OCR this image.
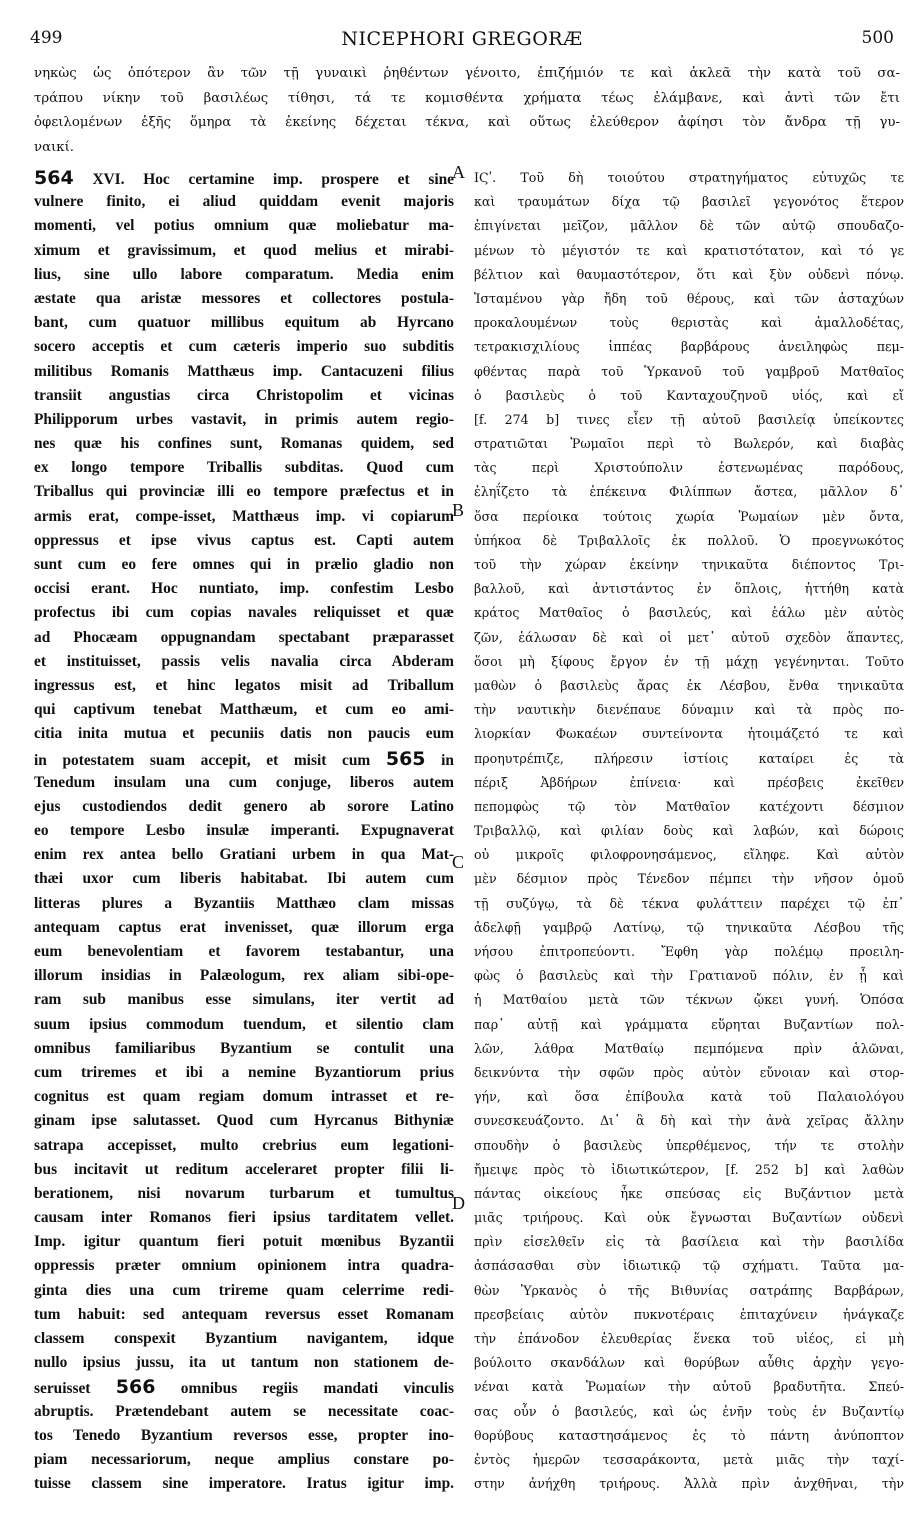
499	NICEPHORI GREGORÆ	500
νηκὼς ὡς ὁπότερον ἂν τῶν τῇ γυναικὶ ῥηθέντων γένοιτο, ἐπιζήμιόν τε καὶ ἀκλεᾶ τὴν κατὰ τοῦ σα-
τράπου νίκην τοῦ βασιλέως τίθησι, τά τε κομισθέντα χρήματα τέως ἐλάμβανε, καὶ ἀντὶ τῶν ἔτι
ὀφειλομένων ἐξῆς ὅμηρα τὰ ἐκείνης δέχεται τέκνα, καὶ οὕτως ἐλεύθερον ἀφίησι τὸν ἄνδρα τῇ γυ-
ναικί.
A
B
C
D
564 XVI. Hoc certamine imp. prospere et sine
vulnere finito, ei aliud quiddam evenit majoris
momenti, vel potius omnium quæ moliebatur ma-
ximum et gravissimum, et quod melius et mirabi-
lius, sine ullo labore comparatum. Media enim
æstate qua aristæ messores et collectores postula-
bant, cum quatuor millibus equitum ab Hyrcano
socero acceptis et cum cæteris imperio suo subditis
militibus Romanis Matthæus imp. Cantacuzeni filius
transiit angustias circa Christopolim et vicinas
Philipporum urbes vastavit, in primis autem regio-
nes quæ his confines sunt, Romanas quidem, sed
ex longo tempore Triballis subditas. Quod cum
Triballus qui provinciæ illi eo tempore præfectus et in
armis erat, compe‑isset, Matthæus imp. vi copiarum
oppressus et ipse vivus captus est. Capti autem
sunt cum eo fere omnes qui in prælio gladio non
occisi erant. Hoc nuntiato, imp. confestim Lesbo
profectus ibi cum copias navales reliquisset et quæ
ad Phocæam oppugnandam spectabant præparasset
et instituisset, passis velis navalia circa Abderam
ingressus est, et hinc legatos misit ad Triballum
qui captivum tenebat Matthæum, et cum eo ami-
citia inita mutua et pecuniis datis non paucis eum
in potestatem suam accepit, et misit cum 565 in
Tenedum insulam una cum conjuge, liberos autem
ejus custodiendos dedit genero ab sorore Latino
eo tempore Lesbo insulæ imperanti. Expugnaverat
enim rex antea bello Gratiani urbem in qua Mat-
thæi uxor cum liberis habitabat. Ibi autem cum
litteras plures a Byzantiis Matthæo clam missas
antequam captus erat invenisset, quæ illorum erga
eum benevolentiam et favorem testabantur, una
illorum insidias in Palæologum, rex aliam sibi-ope-
ram sub manibus esse simulans, iter vertit ad
suum ipsius commodum tuendum, et silentio clam
omnibus familiaribus Byzantium se contulit una
cum triremes et ibi a nemine Byzantiorum prius
cognitus est quam regiam domum intrasset et re-
ginam ipse salutasset. Quod cum Hyrcanus Bithyniæ
satrapa accepisset, multo crebrius eum legationi-
bus incitavit ut reditum acceleraret propter filii li-
berationem, nisi novarum turbarum et tumultus
causam inter Romanos fieri ipsius tarditatem vellet.
Imp. igitur quantum fieri potuit mœnibus Byzantii
oppressis præter omnium opinionem intra quadra-
ginta dies una cum trireme quam celerrime redi-
tum habuit: sed antequam reversus esset Romanam
classem conspexit Byzantium navigantem, idque
nullo ipsius jussu, ita ut tantum non stationem de-
seruisset 566 omnibus regiis mandati vinculis
abruptis. Prætendebant autem se necessitate coac-
tos Tenedo Byzantium reversos esse, propter ino-
piam necessariorum, neque amplius constare po-
tuisse classem sine imperatore. Iratus igitur imp.
ΙϚʹ. Τοῦ δὴ τοιούτου στρατηγήματος εὐτυχῶς τε
καὶ τραυμάτων δίχα τῷ βασιλεῖ γεγονότος ἕτερον
ἐπιγίνεται μεῖζον, μᾶλλον δὲ τῶν αὐτῷ σπουδαζο-
μένων τὸ μέγιστόν τε καὶ κρατιστότατον, καὶ τό γε
βέλτιον καὶ θαυμαστότερον, ὅτι καὶ ξὺν οὐδενὶ πόνῳ.
Ἱσταμένου γὰρ ἤδη τοῦ θέρους, καὶ τῶν ἀσταχύων
προκαλουμένων τοὺς θεριστὰς καὶ ἀμαλλοδέτας,
τετρακισχιλίους ἱππέας βαρβάρους ἀνειληφὼς πεμ-
φθέντας παρὰ τοῦ Ὑρκανοῦ τοῦ γαμβροῦ Ματθαῖος
ὁ βασιλεὺς ὁ τοῦ Κανταχουζηνοῦ υἱός, καὶ εἴ
[f. 274 b] τινες εἶεν τῇ αὐτοῦ βασιλείᾳ ὑπείκοντες
στρατιῶται Ῥωμαῖοι περὶ τὸ Βωλερόν, καὶ διαβὰς
τὰς περὶ Χριστούπολιν ἐστενωμένας παρόδους,
ἐληΐζετο τὰ ἐπέκεινα Φιλίππων ἄστεα, μᾶλλον δ᾽
ὅσα περίοικα τούτοις χωρία Ῥωμαίων μὲν ὄντα,
ὑπήκοα δὲ Τριβαλλοῖς ἐκ πολλοῦ. Ὁ προεγνωκότος
τοῦ τὴν χώραν ἐκείνην τηνικαῦτα διέποντος Τρι-
βαλλοῦ, καὶ ἀντιστάντος ἐν ὅπλοις, ἡττήθη κατὰ
κράτος Ματθαῖος ὁ βασιλεύς, καὶ ἑάλω μὲν αὐτὸς
ζῶν, ἑάλωσαν δὲ καὶ οἱ μετ᾽ αὐτοῦ σχεδὸν ἅπαντες,
ὅσοι μὴ ξίφους ἔργον ἐν τῇ μάχῃ γεγένηνται. Τοῦτο
μαθὼν ὁ βασιλεὺς ἄρας ἐκ Λέσβου, ἔνθα τηνικαῦτα
τὴν ναυτικὴν διενέπαυε δύναμιν καὶ τὰ πρὸς πο-
λιορκίαν Φωκαέων συντείνοντα ἡτοιμάζετό τε καὶ
προηυτρέπιζε, πλήρεσιν ἱστίοις καταίρει ἐς τὰ
πέριξ Ἀβδήρων ἐπίνεια· καὶ πρέσβεις ἐκεῖθεν
πεπομφὼς τῷ τὸν Ματθαῖον κατέχοντι δέσμιον
Τριβαλλῷ, καὶ φιλίαν δοὺς καὶ λαβών, καὶ δώροις
οὐ μικροῖς φιλοφρονησάμενος, εἴληφε. Καὶ αὐτὸν
μὲν δέσμιον πρὸς Τένεδον πέμπει τὴν νῆσον ὁμοῦ
τῇ συζύγῳ, τὰ δὲ τέκνα φυλάττειν παρέχει τῷ ἐπ᾽
ἀδελφῇ γαμβρῷ Λατίνῳ, τῷ τηνικαῦτα Λέσβου τῆς
νήσου ἐπιτροπεύοντι. Ἔφθη γὰρ πολέμῳ προειλη-
φὼς ὁ βασιλεὺς καὶ τὴν Γρατιανοῦ πόλιν, ἐν ᾗ καὶ
ἡ Ματθαίου μετὰ τῶν τέκνων ᾤκει γυνή. Ὁπόσα
παρ᾽ αὐτῇ καὶ γράμματα εὕρηται Βυζαντίων πολ-
λῶν, λάθρα Ματθαίῳ πεμπόμενα πρὶν ἁλῶναι,
δεικνύντα τὴν σφῶν πρὸς αὐτὸν εὔνοιαν καὶ στορ-
γήν, καὶ ὅσα ἐπίβουλα κατὰ τοῦ Παλαιολόγου
συνεσκευάζοντο. Δι᾽ ἃ δὴ καὶ τὴν ἀνὰ χεῖρας ἄλλην
σπουδὴν ὁ βασιλεὺς ὑπερθέμενος, τήν τε στολὴν
ἤμειψε πρὸς τὸ ἰδιωτικώτερον, [f. 252 b] καὶ λαθὼν
πάντας οἰκείους ἧκε σπεύσας εἰς Βυζάντιον μετὰ
μιᾶς τριήρους. Καὶ οὐκ ἔγνωσται Βυζαντίων οὐδενὶ
πρὶν εἰσελθεῖν εἰς τὰ βασίλεια καὶ τὴν βασιλίδα
ἀσπάσασθαι σὺν ἰδιωτικῷ τῷ σχήματι. Ταῦτα μα-
θὼν Ὑρκανὸς ὁ τῆς Βιθυνίας σατράπης Βαρβάρων,
πρεσβείαις αὐτὸν πυκνοτέραις ἐπιταχύνειν ἠνάγκαζε
τὴν ἐπάνοδον ἐλευθερίας ἕνεκα τοῦ υἱέος, εἰ μὴ
βούλοιτο σκανδάλων καὶ θορύβων αὖθις ἀρχὴν γεγο-
νέναι κατὰ Ῥωμαίων τὴν αὐτοῦ βραδυτῆτα. Σπεύ-
σας οὖν ὁ βασιλεύς, καὶ ὡς ἐνῆν τοὺς ἐν Βυζαντίῳ
θορύβους καταστησάμενος ἐς τὸ πάντη ἀνύποπτον
ἐντὸς ἡμερῶν τεσσαράκοντα, μετὰ μιᾶς τὴν ταχί-
στην ἀνήχθη τριήρους. Ἀλλὰ πρὶν ἀνχθῆναι, τὴν
